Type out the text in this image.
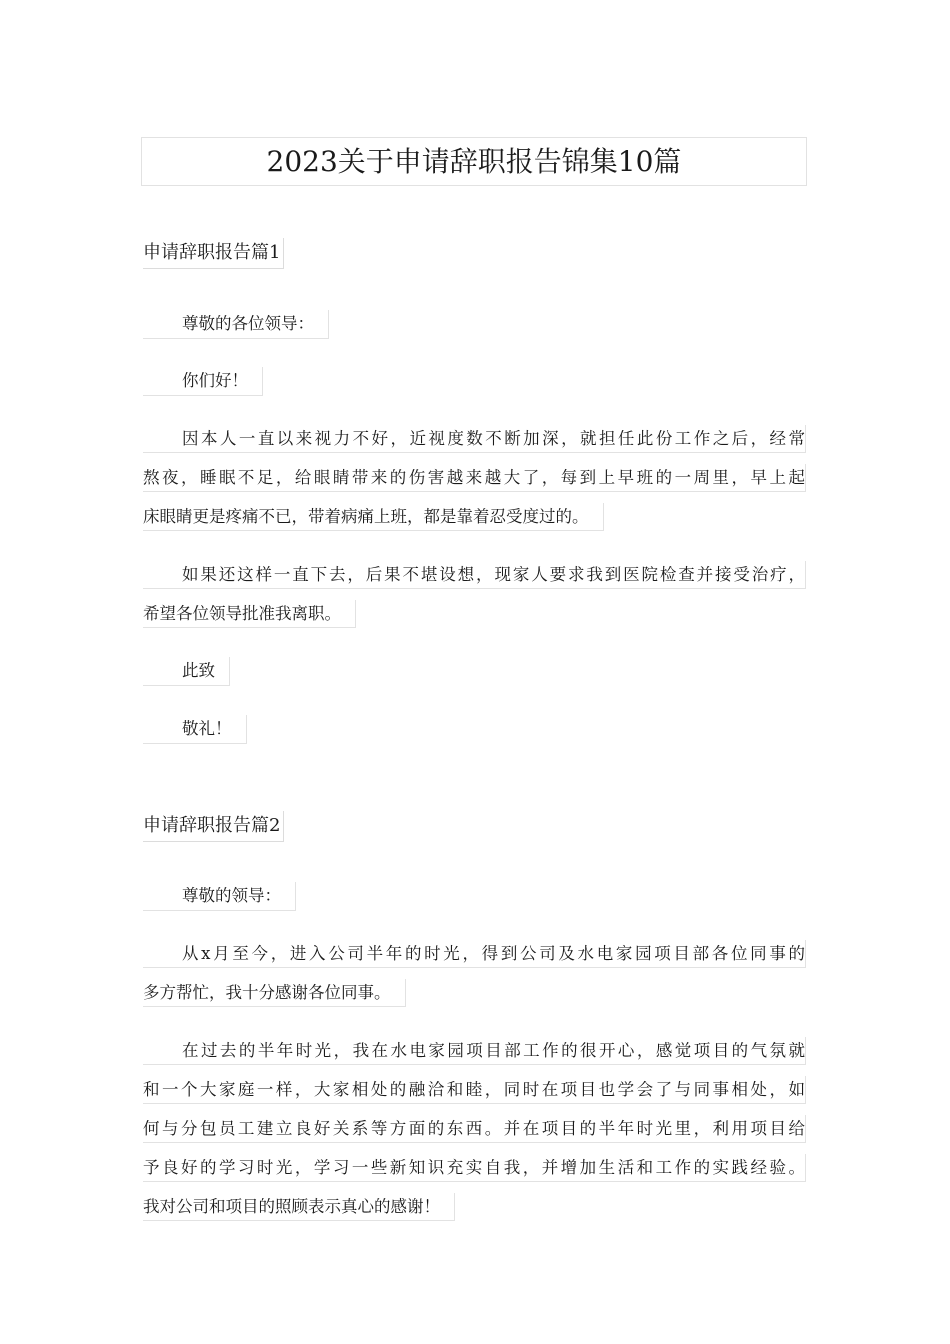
2023关于申请辞职报告锦集10篇
申请辞职报告篇1
尊敬的各位领导：
你们好！
因本人一直以来视力不好，近视度数不断加深，就担任此份工作之后，经常
熬夜，睡眠不足，给眼睛带来的伤害越来越大了，每到上早班的一周里，早上起
床眼睛更是疼痛不已，带着病痛上班，都是靠着忍受度过的。
如果还这样一直下去，后果不堪设想，现家人要求我到医院检查并接受治疗，
希望各位领导批准我离职。
此致
敬礼！
申请辞职报告篇2
尊敬的领导：
从x月至今，进入公司半年的时光，得到公司及水电家园项目部各位同事的
多方帮忙，我十分感谢各位同事。
在过去的半年时光，我在水电家园项目部工作的很开心，感觉项目的气氛就
和一个大家庭一样，大家相处的融洽和睦，同时在项目也学会了与同事相处，如
何与分包员工建立良好关系等方面的东西。并在项目的半年时光里，利用项目给
予良好的学习时光，学习一些新知识充实自我，并增加生活和工作的实践经验。
我对公司和项目的照顾表示真心的感谢！
